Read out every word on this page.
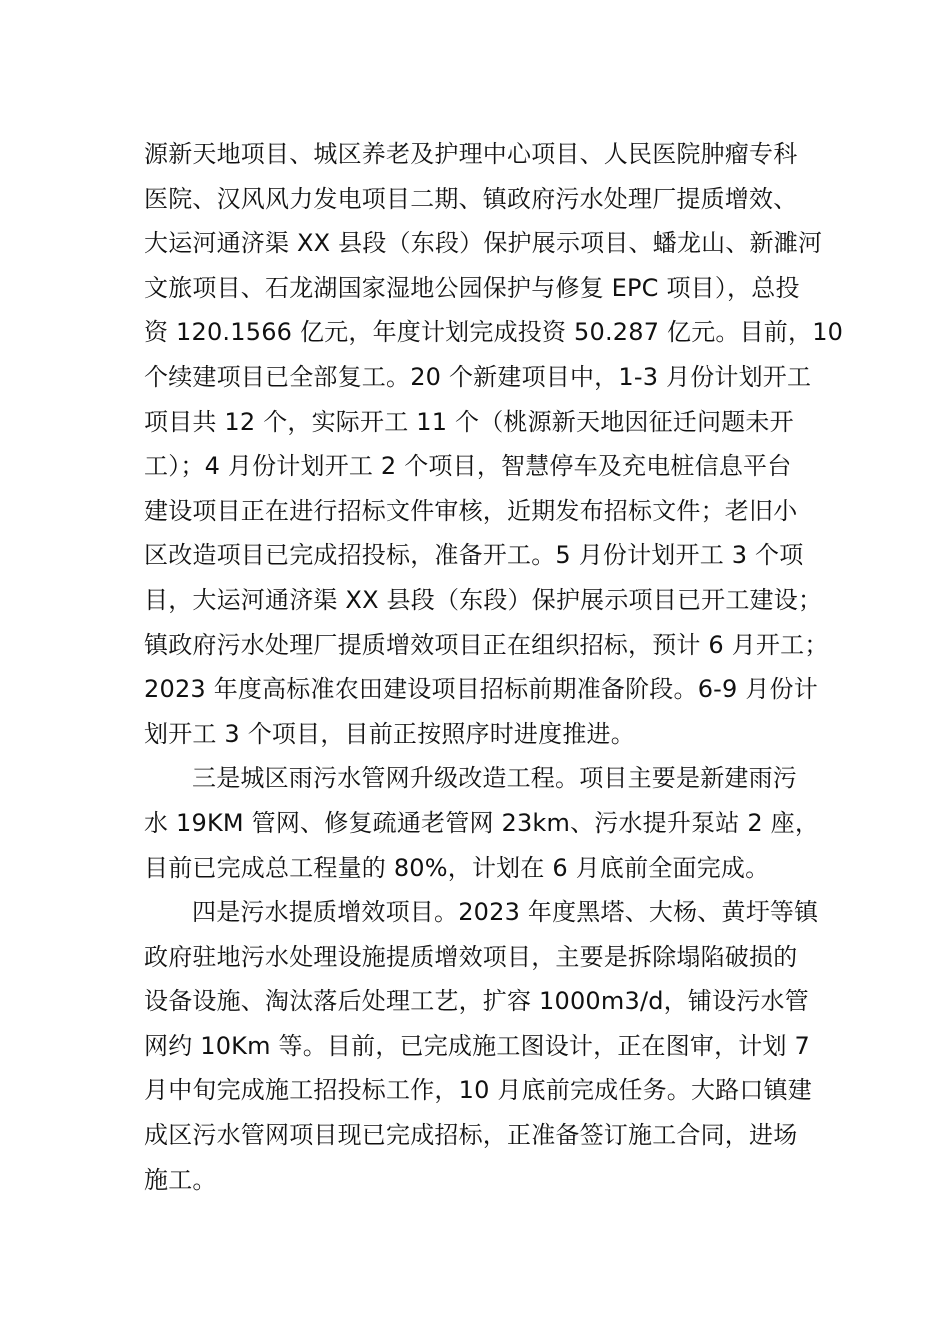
源新天地项目、城区养老及护理中心项目、人民医院肿瘤专科
医院、汉风风力发电项目二期、镇政府污水处理厂提质增效、
大运河通济渠 XX 县段（东段）保护展示项目、蟠龙山、新濉河
文旅项目、石龙湖国家湿地公园保护与修复 EPC 项目），总投
资 120.1566 亿元，年度计划完成投资 50.287 亿元。目前，10
个续建项目已全部复工。20 个新建项目中，1-3 月份计划开工
项目共 12 个，实际开工 11 个（桃源新天地因征迁问题未开
工）；4 月份计划开工 2 个项目，智慧停车及充电桩信息平台
建设项目正在进行招标文件审核，近期发布招标文件；老旧小
区改造项目已完成招投标，准备开工。5 月份计划开工 3 个项
目，大运河通济渠 XX 县段（东段）保护展示项目已开工建设；
镇政府污水处理厂提质增效项目正在组织招标，预计 6 月开工；
2023 年度高标准农田建设项目招标前期准备阶段。6-9 月份计
划开工 3 个项目，目前正按照序时进度推进。
三是城区雨污水管网升级改造工程。项目主要是新建雨污
水 19KM 管网、修复疏通老管网 23km、污水提升泵站 2 座，
目前已完成总工程量的 80%，计划在 6 月底前全面完成。
四是污水提质增效项目。2023 年度黑塔、大杨、黄圩等镇
政府驻地污水处理设施提质增效项目，主要是拆除塌陷破损的
设备设施、淘汰落后处理工艺，扩容 1000m3/d，铺设污水管
网约 10Km 等。目前，已完成施工图设计，正在图审，计划 7
月中旬完成施工招投标工作，10 月底前完成任务。大路口镇建
成区污水管网项目现已完成招标，正准备签订施工合同，进场
施工。
